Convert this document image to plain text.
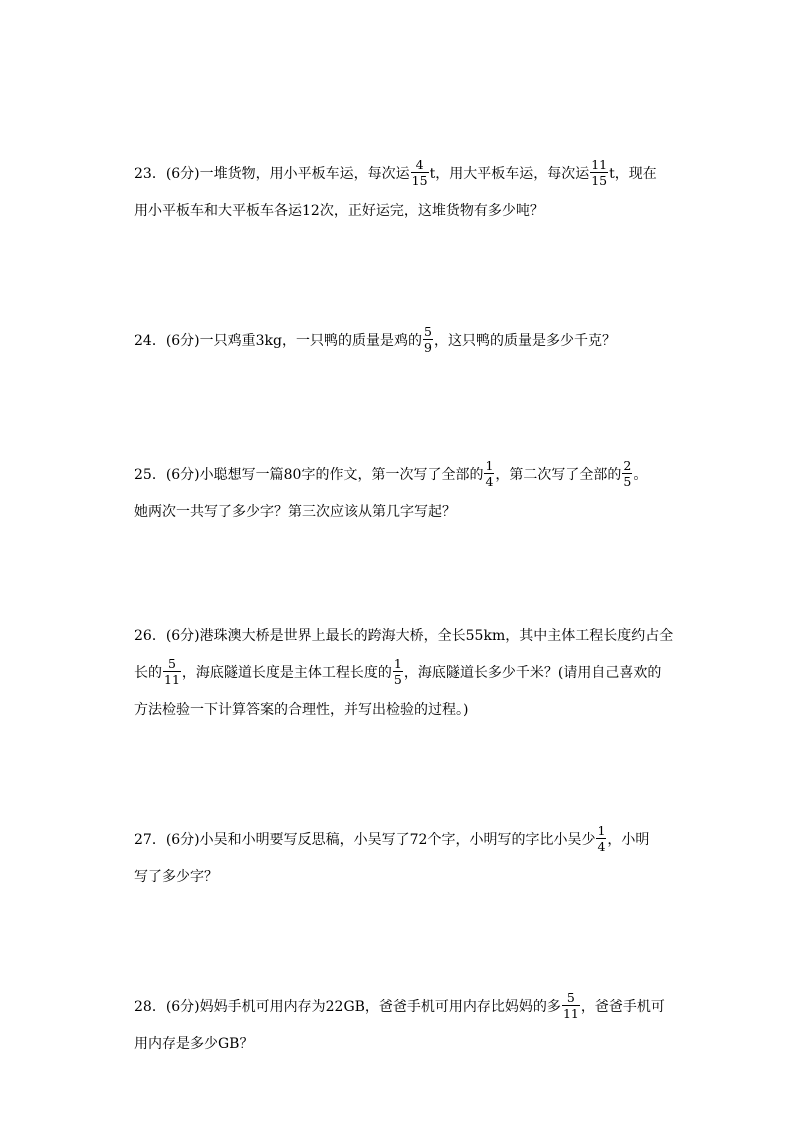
23．(6分)一堆货物，用小平板车运，每次运 $\frac{4}{15}$ t，用大平板车运，每次运 $\frac{11}{15}$ t，现在
用小平板车和大平板车各运12次，正好运完，这堆货物有多少吨？
24．(6分)一只鸡重3kg，一只鸭的质量是鸡的 $\frac{5}{9}$ ，这只鸭的质量是多少千克？
25．(6分)小聪想写一篇80字的作文，第一次写了全部的 $\frac{1}{4}$ ，第二次写了全部的 $\frac{2}{5}$ 。
她两次一共写了多少字？第三次应该从第几字写起？
26．(6分)港珠澳大桥是世界上最长的跨海大桥，全长55km，其中主体工程长度约占全
长的 $\frac{5}{11}$ ，海底隧道长度是主体工程长度的 $\frac{1}{5}$ ，海底隧道长多少千米？(请用自己喜欢的
方法检验一下计算答案的合理性，并写出检验的过程。)
27．(6分)小吴和小明要写反思稿，小吴写了72个字，小明写的字比小吴少 $\frac{1}{4}$ ，小明
写了多少字？
28．(6分)妈妈手机可用内存为22GB，爸爸手机可用内存比妈妈的多 $\frac{5}{11}$ ，爸爸手机可
用内存是多少GB？
